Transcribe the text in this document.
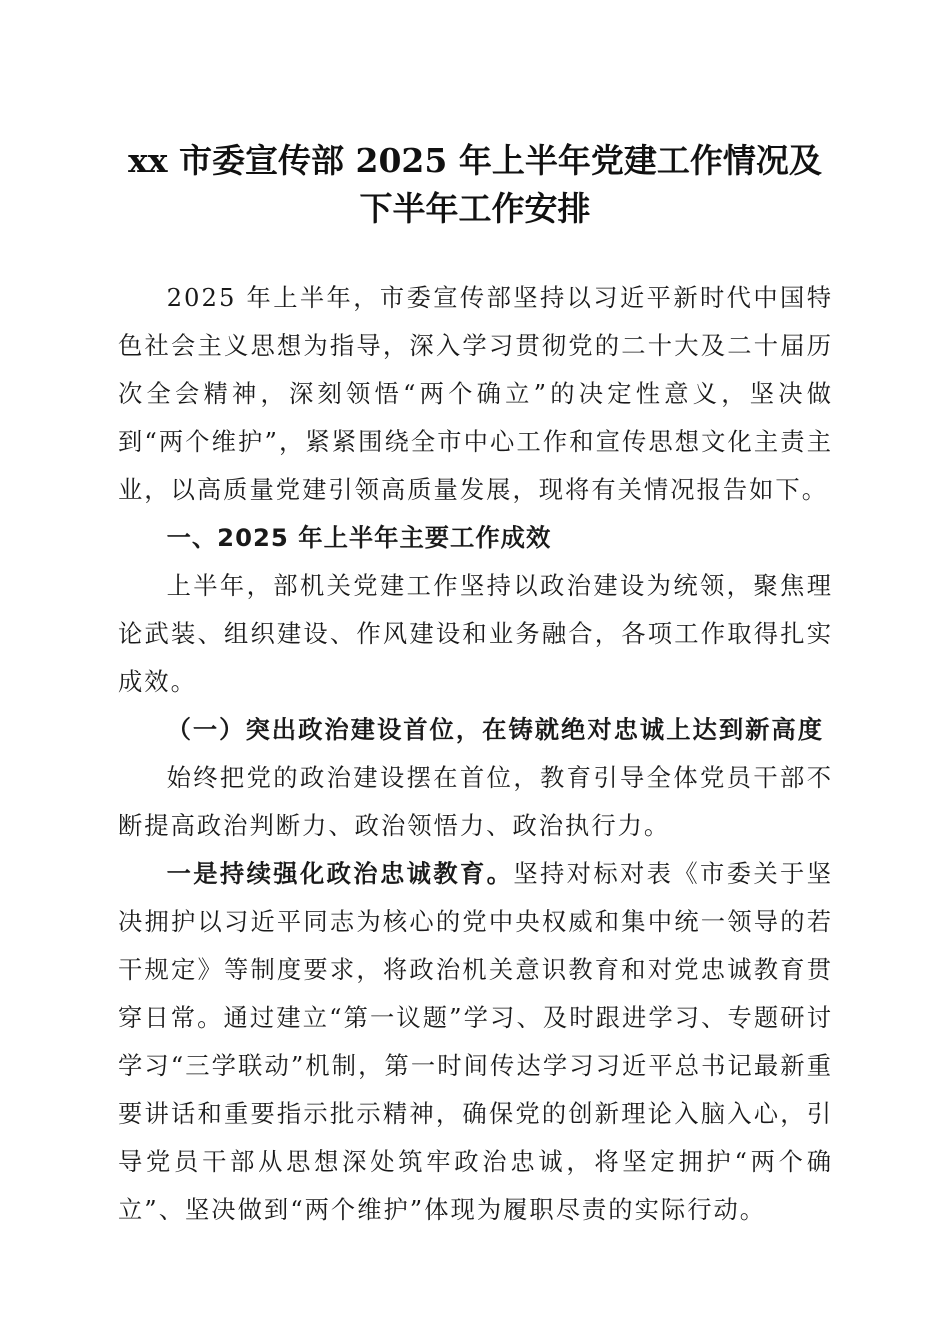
xx 市委宣传部 2025 年上半年党建工作情况及
下半年工作安排

2025 年上半年，市委宣传部坚持以习近平新时代中国特色社会主义思想为指导，深入学习贯彻党的二十大及二十届历次全会精神，深刻领悟“两个确立”的决定性意义，坚决做到“两个维护”，紧紧围绕全市中心工作和宣传思想文化主责主业，以高质量党建引领高质量发展，现将有关情况报告如下。

一、2025 年上半年主要工作成效

上半年，部机关党建工作坚持以政治建设为统领，聚焦理论武装、组织建设、作风建设和业务融合，各项工作取得扎实成效。

（一）突出政治建设首位，在铸就绝对忠诚上达到新高度

始终把党的政治建设摆在首位，教育引导全体党员干部不断提高政治判断力、政治领悟力、政治执行力。

一是持续强化政治忠诚教育。坚持对标对表《市委关于坚决拥护以习近平同志为核心的党中央权威和集中统一领导的若干规定》等制度要求，将政治机关意识教育和对党忠诚教育贯穿日常。通过建立“第一议题”学习、及时跟进学习、专题研讨学习“三学联动”机制，第一时间传达学习习近平总书记最新重要讲话和重要指示批示精神，确保党的创新理论入脑入心，引导党员干部从思想深处筑牢政治忠诚，将坚定拥护“两个确立”、坚决做到“两个维护”体现为履职尽责的实际行动。
